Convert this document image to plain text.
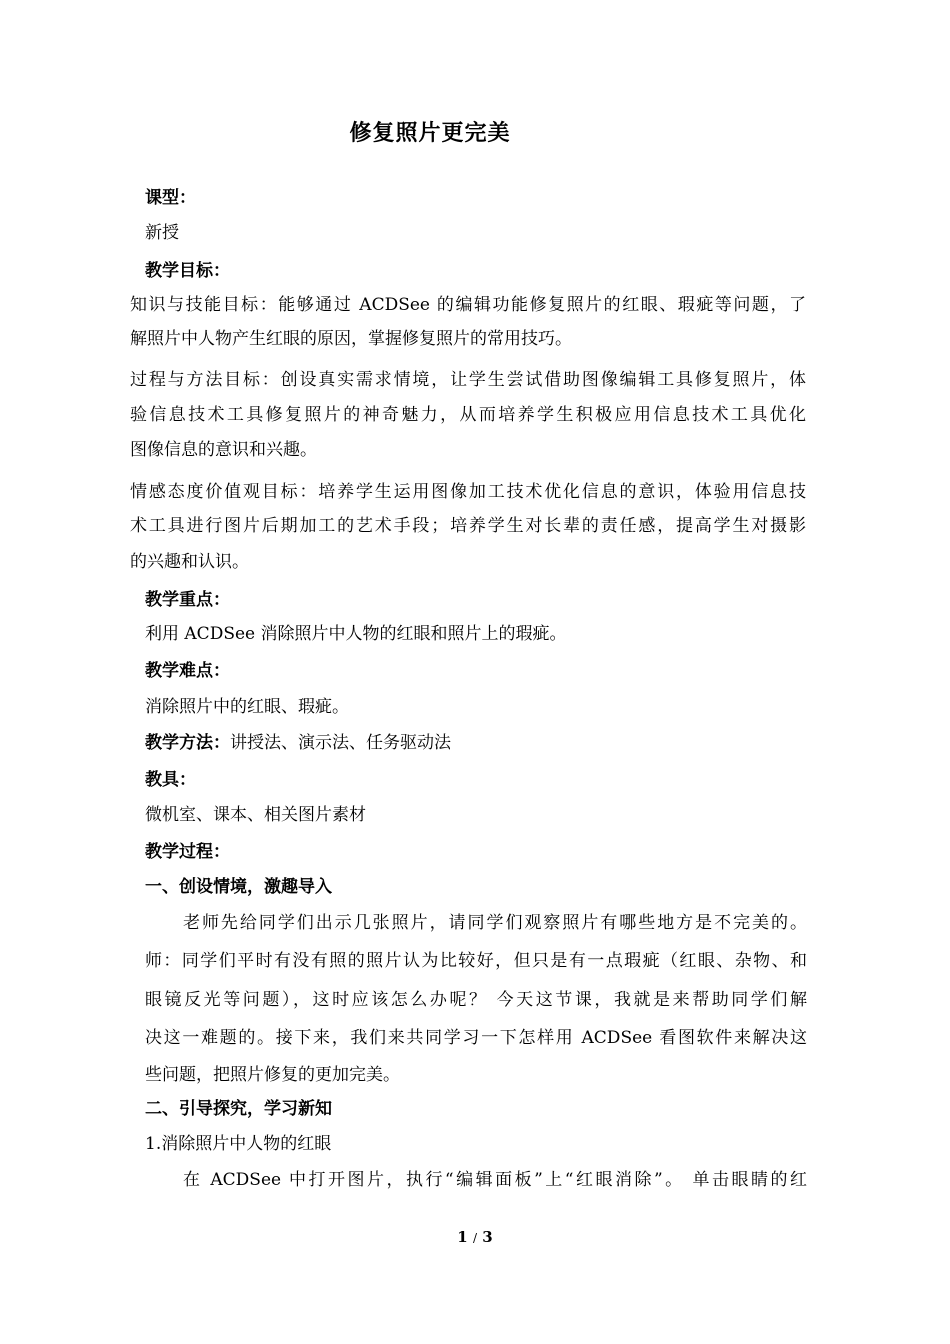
修复照片更完美
课型：
新授
教学目标：
知识与技能目标：能够通过 ACDSee 的编辑功能修复照片的红眼、瑕疵等问题，了
解照片中人物产生红眼的原因，掌握修复照片的常用技巧。
过程与方法目标：创设真实需求情境，让学生尝试借助图像编辑工具修复照片，体
验信息技术工具修复照片的神奇魅力，从而培养学生积极应用信息技术工具优化
图像信息的意识和兴趣。
情感态度价值观目标：培养学生运用图像加工技术优化信息的意识，体验用信息技
术工具进行图片后期加工的艺术手段；培养学生对长辈的责任感，提高学生对摄影
的兴趣和认识。
教学重点：
利用 ACDSee 消除照片中人物的红眼和照片上的瑕疵。
教学难点：
消除照片中的红眼、瑕疵。
教学方法：讲授法、演示法、任务驱动法
教具：
微机室、课本、相关图片素材
教学过程：
一、创设情境，激趣导入
老师先给同学们出示几张照片，请同学们观察照片有哪些地方是不完美的。
师：同学们平时有没有照的照片认为比较好，但只是有一点瑕疵（红眼、杂物、和
眼镜反光等问题），这时应该怎么办呢？ 今天这节课，我就是来帮助同学们解
决这一难题的。接下来，我们来共同学习一下怎样用 ACDSee 看图软件来解决这
些问题，把照片修复的更加完美。
二、引导探究，学习新知
1.消除照片中人物的红眼
在 ACDSee 中打开图片，执行“编辑面板”上“红眼消除”。 单击眼睛的红
1 / 3
